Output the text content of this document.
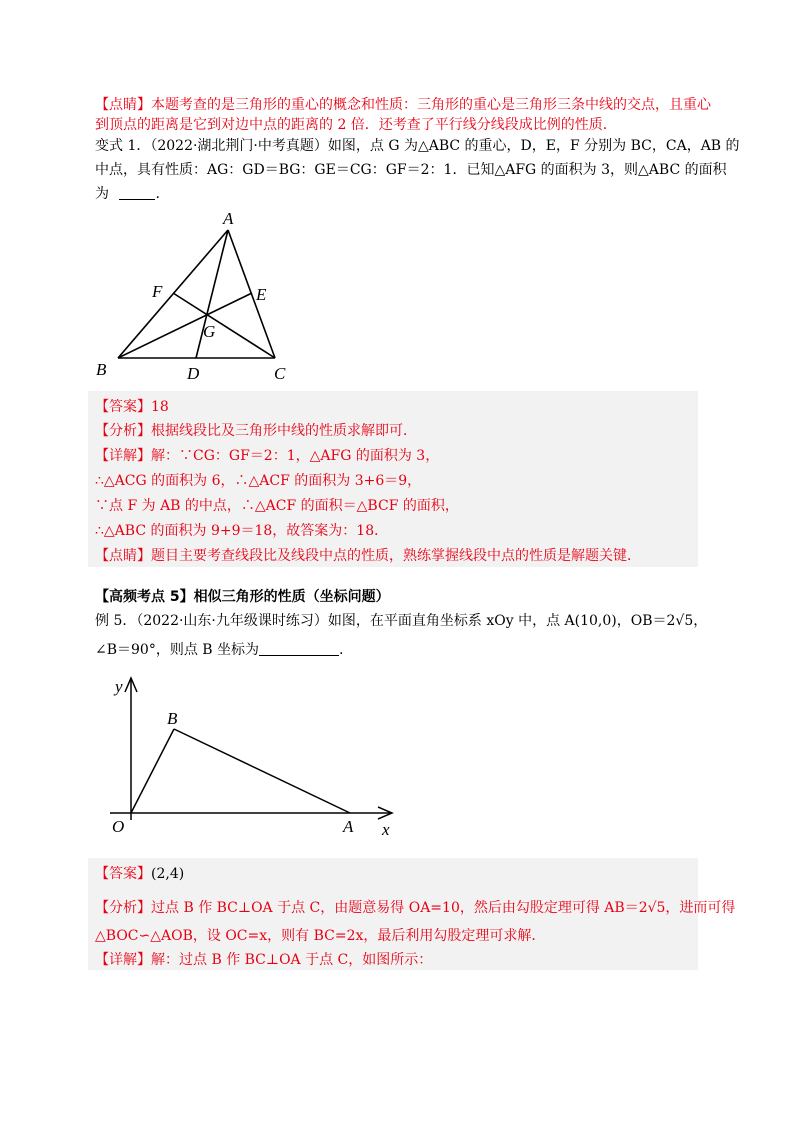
【点睛】本题考查的是三角形的重心的概念和性质：三角形的重心是三角形三条中线的交点，且重心
到顶点的距离是它到对边中点的距离的 2 倍．还考查了平行线分线段成比例的性质．
变式 1．（2022·湖北荆门·中考真题）如图，点 G 为△ABC 的重心，D，E，F 分别为 BC，CA，AB 的
中点，具有性质：AG：GD＝BG：GE＝CG：GF＝2：1．已知△AFG 的面积为 3，则△ABC 的面积
为	.
A
B	C
D
E
F
G
【答案】18
【分析】根据线段比及三角形中线的性质求解即可．
【详解】解：∵CG：GF＝2：1，△AFG 的面积为 3，
∴△ACG 的面积为 6，∴△ACF 的面积为 3+6＝9，
∵点 F 为 AB 的中点，∴△ACF 的面积＝△BCF 的面积，
∴△ABC 的面积为 9+9＝18，故答案为：18．
【点睛】题目主要考查线段比及线段中点的性质，熟练掌握线段中点的性质是解题关键．
【高频考点 5】相似三角形的性质（坐标问题）
例 5．（2022·山东·九年级课时练习）如图，在平面直角坐标系 xOy 中，点 A(10,0)，OB＝2√5，
∠B＝90°，则点 B 坐标为	.
y
x
O	A
B
【答案】(2,4)
【分析】过点 B 作 BC⊥OA 于点 C，由题意易得 OA=10，然后由勾股定理可得 AB＝2√5，进而可得
△BOC∽△AOB，设 OC=x，则有 BC=2x，最后利用勾股定理可求解．
【详解】解：过点 B 作 BC⊥OA 于点 C，如图所示：
